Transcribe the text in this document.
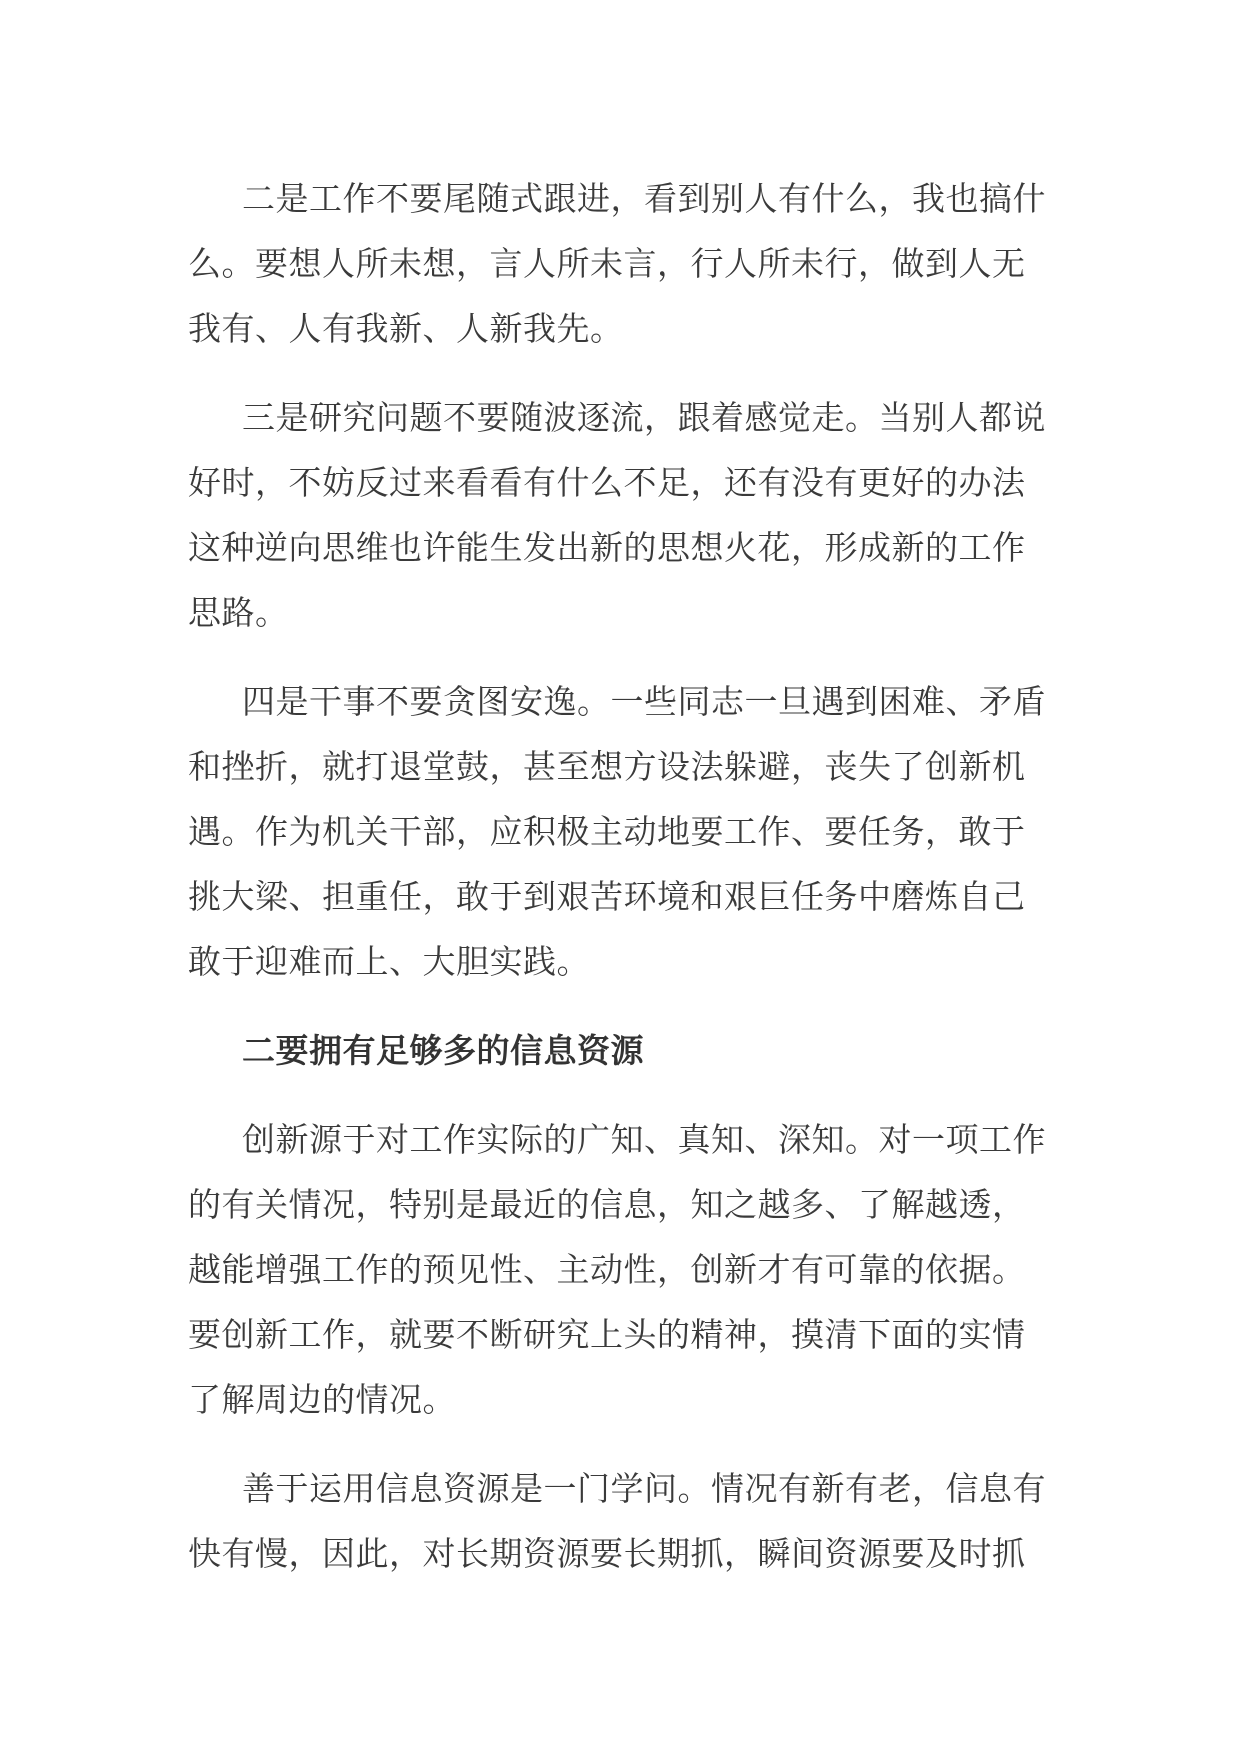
二是工作不要尾随式跟进，看到别人有什么，我也搞什
么。要想人所未想，言人所未言，行人所未行，做到人无
我有、人有我新、人新我先。
三是研究问题不要随波逐流，跟着感觉走。当别人都说
好时，不妨反过来看看有什么不足，还有没有更好的办法
这种逆向思维也许能生发出新的思想火花，形成新的工作
思路。
四是干事不要贪图安逸。一些同志一旦遇到困难、矛盾
和挫折，就打退堂鼓，甚至想方设法躲避，丧失了创新机
遇。作为机关干部，应积极主动地要工作、要任务，敢于
挑大梁、担重任，敢于到艰苦环境和艰巨任务中磨炼自己
敢于迎难而上、大胆实践。
二要拥有足够多的信息资源
创新源于对工作实际的广知、真知、深知。对一项工作
的有关情况，特别是最近的信息，知之越多、了解越透，
越能增强工作的预见性、主动性，创新才有可靠的依据。
要创新工作，就要不断研究上头的精神，摸清下面的实情
了解周边的情况。
善于运用信息资源是一门学问。情况有新有老，信息有
快有慢，因此，对长期资源要长期抓，瞬间资源要及时抓
